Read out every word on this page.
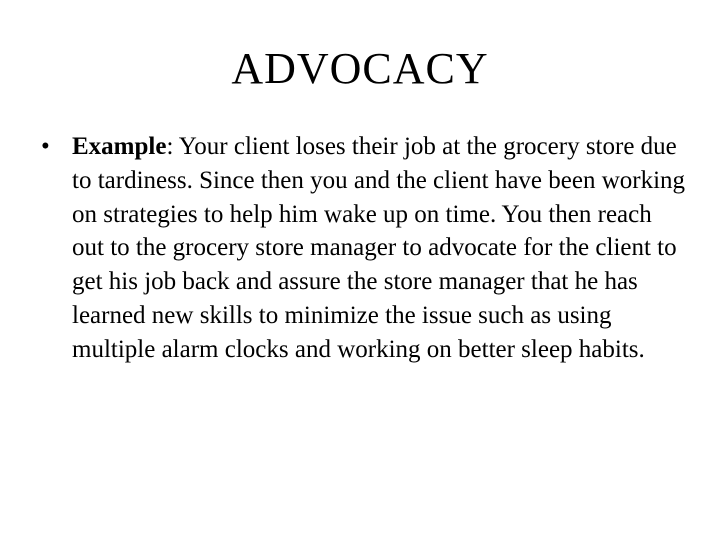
ADVOCACY
• Example: Your client loses their job at the grocery store due to tardiness. Since then you and the client have been working on strategies to help him wake up on time. You then reach out to the grocery store manager to advocate for the client to get his job back and assure the store manager that he has learned new skills to minimize the issue such as using multiple alarm clocks and working on better sleep habits.
